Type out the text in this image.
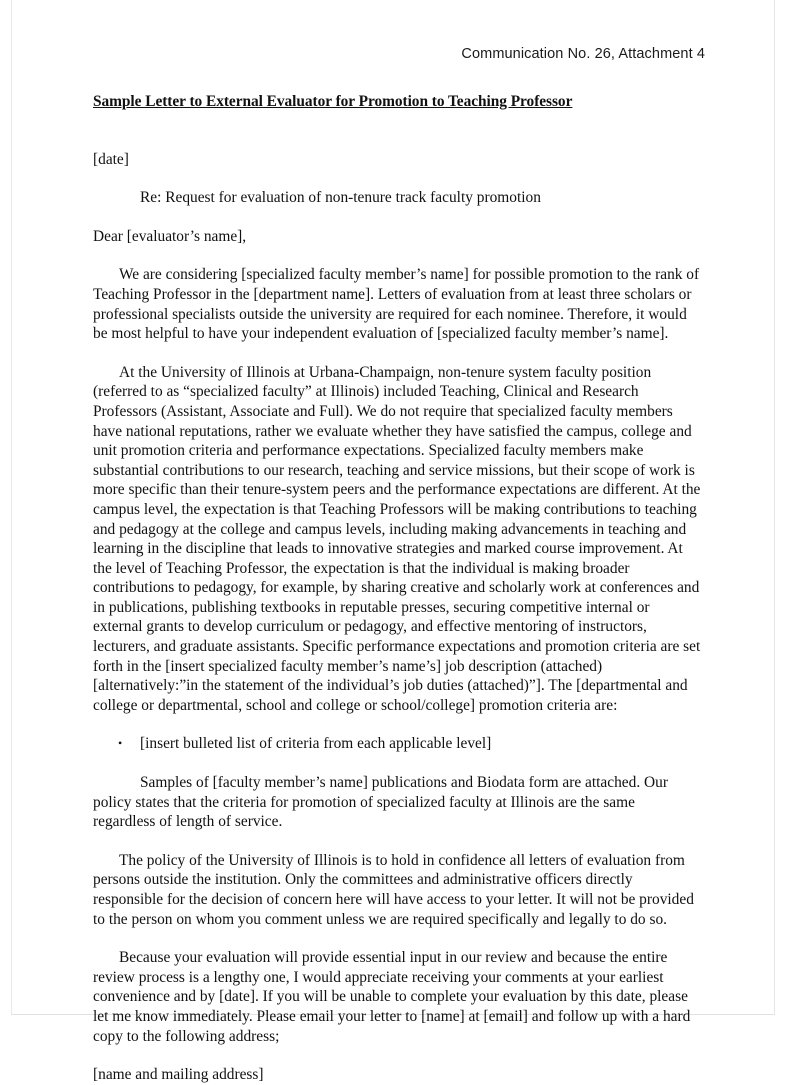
Communication No. 26, Attachment 4
Sample Letter to External Evaluator for Promotion to Teaching Professor
[date]
Re: Request for evaluation of non-tenure track faculty promotion
Dear [evaluator’s name],

We are considering [specialized faculty member’s name] for possible promotion to the rank of Teaching Professor in the [department name]. Letters of evaluation from at least three scholars or professional specialists outside the university are required for each nominee. Therefore, it would be most helpful to have your independent evaluation of [specialized faculty member’s name].

At the University of Illinois at Urbana-Champaign, non-tenure system faculty position (referred to as “specialized faculty” at Illinois) included Teaching, Clinical and Research Professors (Assistant, Associate and Full). We do not require that specialized faculty members have national reputations, rather we evaluate whether they have satisfied the campus, college and unit promotion criteria and performance expectations. Specialized faculty members make substantial contributions to our research, teaching and service missions, but their scope of work is more specific than their tenure-system peers and the performance expectations are different. At the campus level, the expectation is that Teaching Professors will be making contributions to teaching and pedagogy at the college and campus levels, including making advancements in teaching and learning in the discipline that leads to innovative strategies and marked course improvement. At the level of Teaching Professor, the expectation is that the individual is making broader contributions to pedagogy, for example, by sharing creative and scholarly work at conferences and in publications, publishing textbooks in reputable presses, securing competitive internal or external grants to develop curriculum or pedagogy, and effective mentoring of instructors, lecturers, and graduate assistants. Specific performance expectations and promotion criteria are set forth in the [insert specialized faculty member’s name’s] job description (attached) [alternatively:”in the statement of the individual’s job duties (attached)”]. The [departmental and college or departmental, school and college or school/college] promotion criteria are:

• [insert bulleted list of criteria from each applicable level]

Samples of [faculty member’s name] publications and Biodata form are attached. Our policy states that the criteria for promotion of specialized faculty at Illinois are the same regardless of length of service.

The policy of the University of Illinois is to hold in confidence all letters of evaluation from persons outside the institution. Only the committees and administrative officers directly responsible for the decision of concern here will have access to your letter. It will not be provided to the person on whom you comment unless we are required specifically and legally to do so.

Because your evaluation will provide essential input in our review and because the entire review process is a lengthy one, I would appreciate receiving your comments at your earliest convenience and by [date]. If you will be unable to complete your evaluation by this date, please let me know immediately. Please email your letter to [name] at [email] and follow up with a hard copy to the following address;

[name and mailing address]
